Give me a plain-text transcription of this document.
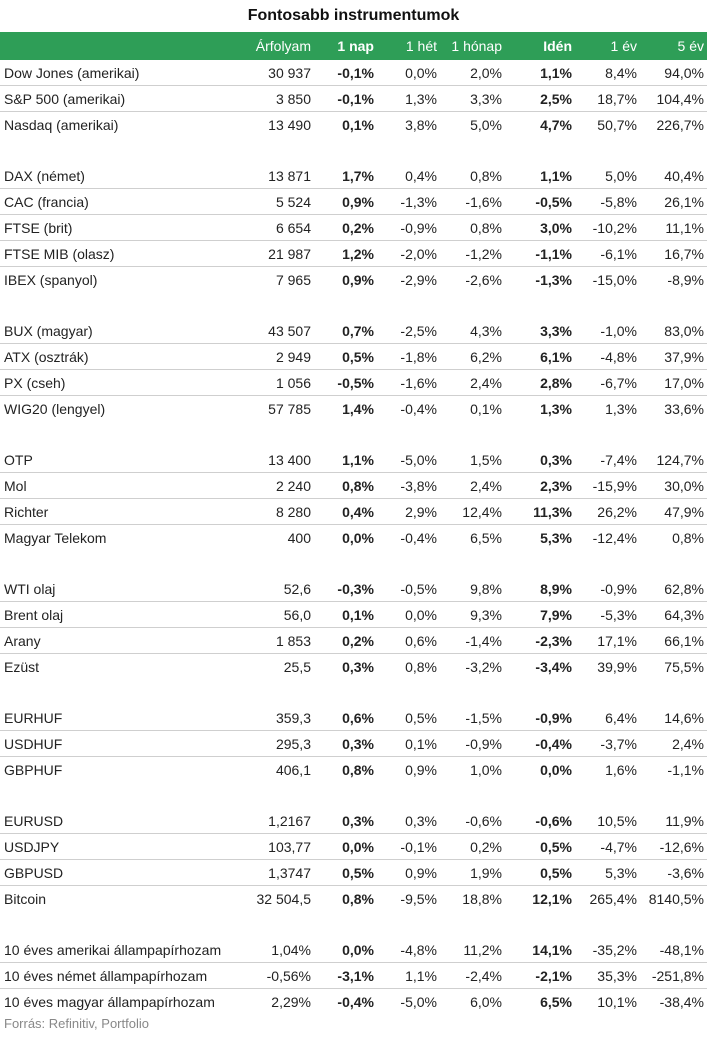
Fontosabb instrumentumok
	Árfolyam	1 nap	1 hét	1 hónap	Idén	1 év	5 év
Dow Jones (amerikai)	30 937	-0,1%	0,0%	2,0%	1,1%	8,4%	94,0%
S&P 500 (amerikai)	3 850	-0,1%	1,3%	3,3%	2,5%	18,7%	104,4%
Nasdaq (amerikai)	13 490	0,1%	3,8%	5,0%	4,7%	50,7%	226,7%

DAX (német)	13 871	1,7%	0,4%	0,8%	1,1%	5,0%	40,4%
CAC (francia)	5 524	0,9%	-1,3%	-1,6%	-0,5%	-5,8%	26,1%
FTSE (brit)	6 654	0,2%	-0,9%	0,8%	3,0%	-10,2%	11,1%
FTSE MIB (olasz)	21 987	1,2%	-2,0%	-1,2%	-1,1%	-6,1%	16,7%
IBEX (spanyol)	7 965	0,9%	-2,9%	-2,6%	-1,3%	-15,0%	-8,9%

BUX (magyar)	43 507	0,7%	-2,5%	4,3%	3,3%	-1,0%	83,0%
ATX (osztrák)	2 949	0,5%	-1,8%	6,2%	6,1%	-4,8%	37,9%
PX (cseh)	1 056	-0,5%	-1,6%	2,4%	2,8%	-6,7%	17,0%
WIG20 (lengyel)	57 785	1,4%	-0,4%	0,1%	1,3%	1,3%	33,6%

OTP	13 400	1,1%	-5,0%	1,5%	0,3%	-7,4%	124,7%
Mol	2 240	0,8%	-3,8%	2,4%	2,3%	-15,9%	30,0%
Richter	8 280	0,4%	2,9%	12,4%	11,3%	26,2%	47,9%
Magyar Telekom	400	0,0%	-0,4%	6,5%	5,3%	-12,4%	0,8%

WTI olaj	52,6	-0,3%	-0,5%	9,8%	8,9%	-0,9%	62,8%
Brent olaj	56,0	0,1%	0,0%	9,3%	7,9%	-5,3%	64,3%
Arany	1 853	0,2%	0,6%	-1,4%	-2,3%	17,1%	66,1%
Ezüst	25,5	0,3%	0,8%	-3,2%	-3,4%	39,9%	75,5%

EURHUF	359,3	0,6%	0,5%	-1,5%	-0,9%	6,4%	14,6%
USDHUF	295,3	0,3%	0,1%	-0,9%	-0,4%	-3,7%	2,4%
GBPHUF	406,1	0,8%	0,9%	1,0%	0,0%	1,6%	-1,1%

EURUSD	1,2167	0,3%	0,3%	-0,6%	-0,6%	10,5%	11,9%
USDJPY	103,77	0,0%	-0,1%	0,2%	0,5%	-4,7%	-12,6%
GBPUSD	1,3747	0,5%	0,9%	1,9%	0,5%	5,3%	-3,6%
Bitcoin	32 504,5	0,8%	-9,5%	18,8%	12,1%	265,4%	8140,5%

10 éves amerikai állampapírhozam	1,04%	0,0%	-4,8%	11,2%	14,1%	-35,2%	-48,1%
10 éves német állampapírhozam	-0,56%	-3,1%	1,1%	-2,4%	-2,1%	35,3%	-251,8%
10 éves magyar állampapírhozam	2,29%	-0,4%	-5,0%	6,0%	6,5%	10,1%	-38,4%
Forrás: Refinitiv, Portfolio
